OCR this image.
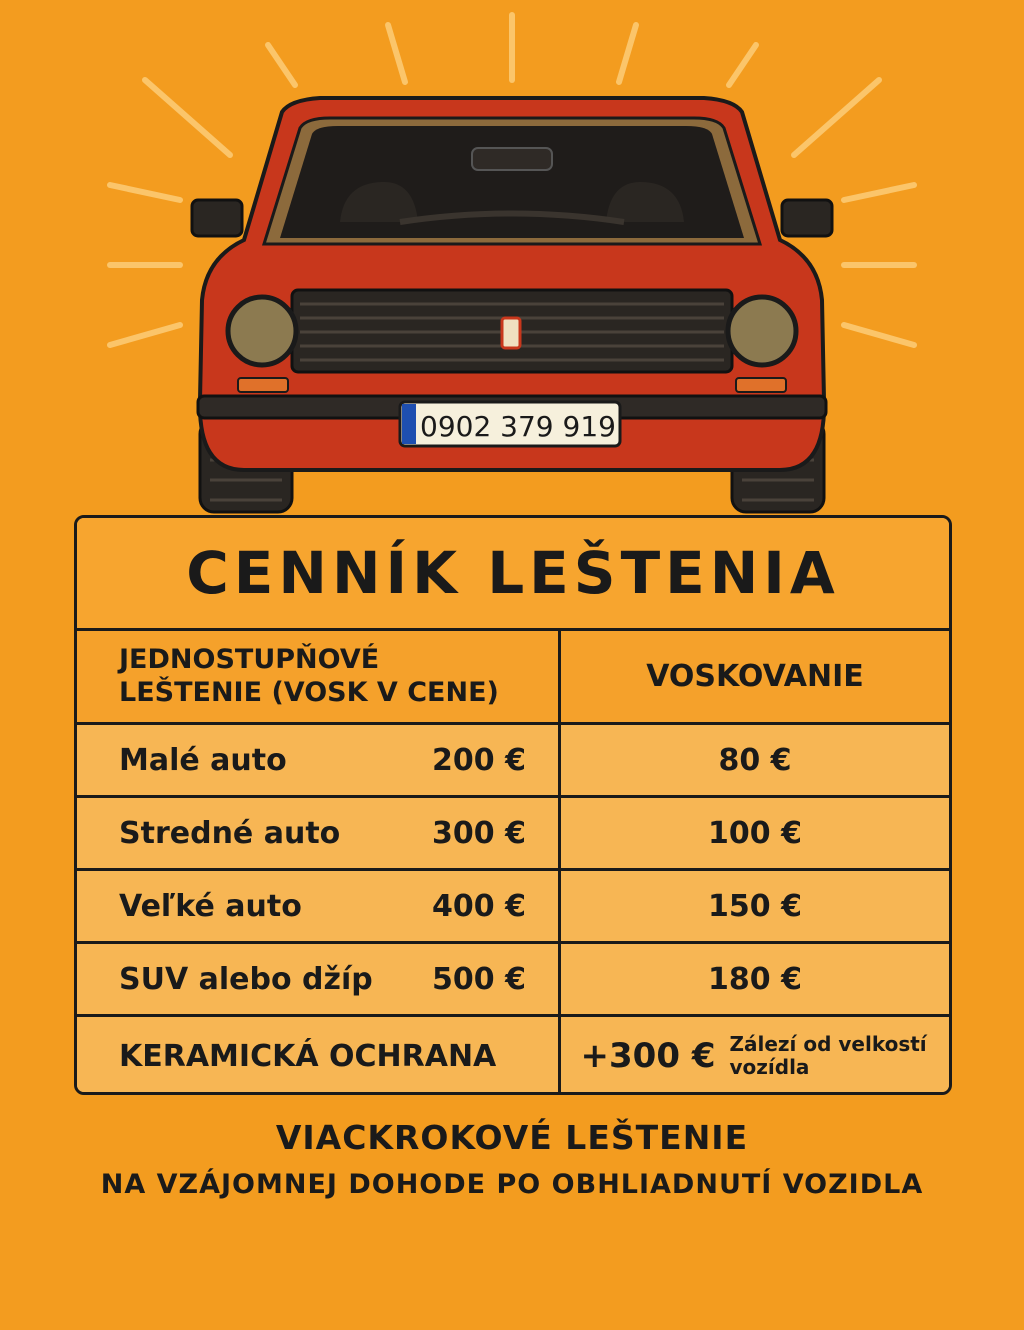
0902 379 919
CENNÍK LEŠTENIA
JEDNOSTUPŇOVÉ LEŠTENIE (VOSK V CENE)	VOSKOVANIE
Malé auto	200 €	80 €
Stredné auto	300 €	100 €
Veľké auto	400 €	150 €
SUV alebo džíp	500 €	180 €
KERAMICKÁ OCHRANA +300 € Zálezí od velkostí vozídla
VIACKROKOVÉ LEŠTENIE
NA VZÁJOMNEJ DOHODE PO OBHLIADNUTÍ VOZIDLA
